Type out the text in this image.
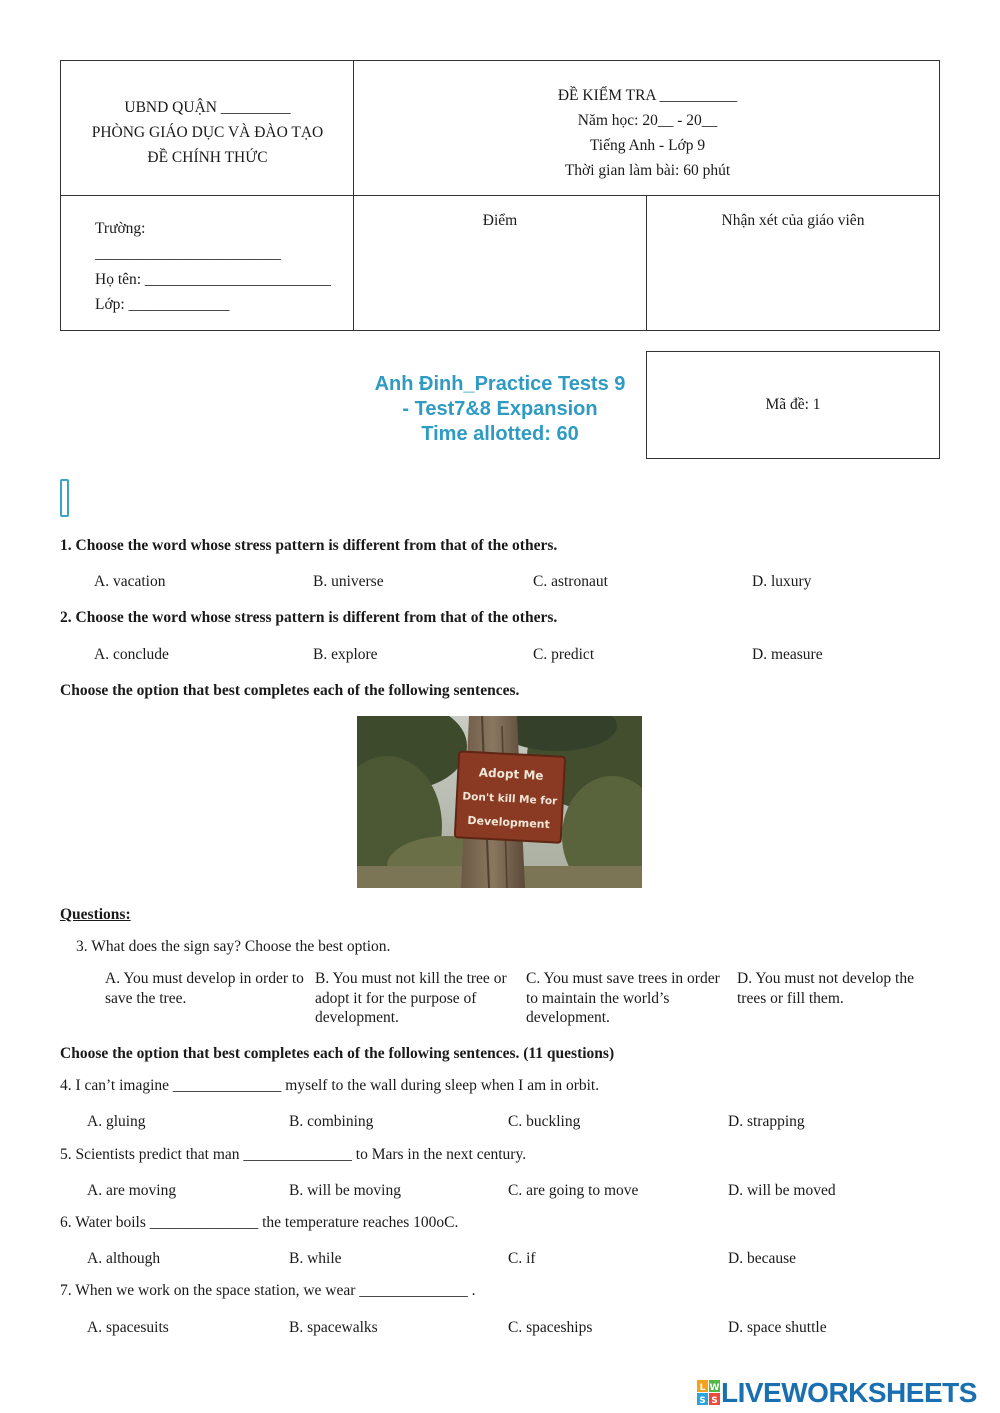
UBND QUẬN _________
PHÒNG GIÁO DỤC VÀ ĐÀO TẠO
ĐỀ CHÍNH THỨC
ĐỀ KIỂM TRA __________
Năm học: 20__ - 20__
Tiếng Anh - Lớp 9
Thời gian làm bài: 60 phút
Trường:
________________________
Họ tên: ________________________
Lớp: _____________
Điểm	Nhận xét của giáo viên
Anh Đinh_Practice Tests 9
- Test7&8 Expansion
Time allotted: 60
Mã đề: 1
1. Choose the word whose stress pattern is different from that of the others.
A. vacation	B. universe	C. astronaut	D. luxury
2. Choose the word whose stress pattern is different from that of the others.
A. conclude	B. explore	C. predict	D. measure
Choose the option that best completes each of the following sentences.
Adopt Me
Don't kill Me for
Development
Questions:
3. What does the sign say? Choose the best option.
A. You must develop in order to save the tree.
B. You must not kill the tree or adopt it for the purpose of development.
C. You must save trees in order to maintain the world’s development.
D. You must not develop the trees or fill them.
Choose the option that best completes each of the following sentences. (11 questions)
4. I can’t imagine ______________ myself to the wall during sleep when I am in orbit.
A. gluing	B. combining	C. buckling	D. strapping
5. Scientists predict that man ______________ to Mars in the next century.
A. are moving	B. will be moving	C. are going to move	D. will be moved
6. Water boils ______________ the temperature reaches 100oC.
A. although	B. while	C. if	D. because
7. When we work on the space station, we wear ______________ .
A. spacesuits	B. spacewalks	C. spaceships	D. space shuttle
L W
S S LIVEWORKSHEETS
